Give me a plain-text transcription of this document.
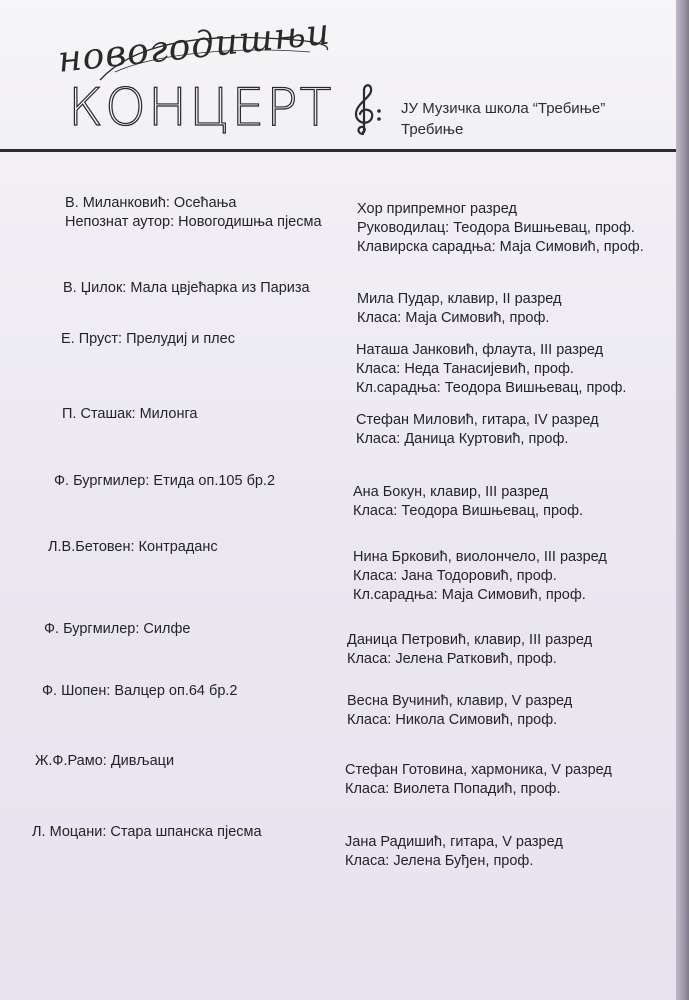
новогодишњи
КОНЦЕРТ	ЈУ Музичка школа “Требиње”
Требиње
В. Миланковић: Осећања
Непознат аутор: Новогодишња пјесма
Хор припремног разред
Руководилац: Теодора Вишњевац, проф.
Клавирска сарадња: Маја Симовић, проф.
В. Џилок: Мала цвјећарка из Париза
Мила Пудар, клавир, II разред
Класа: Маја Симовић, проф.
Е. Пруст: Прелудиј и плес
Наташа Јанковић, флаута, III разред
Класа: Неда Танасијевић, проф.
Кл.сарадња: Теодора Вишњевац, проф.
П. Сташак: Милонга	Стефан Миловић, гитара, IV разред
Класа: Даница Куртовић, проф.
Ф. Бургмилер: Етида оп.105 бр.2
Ана Бокун, клавир, III разред
Класа: Теодора Вишњевац, проф.
Л.В.Бетовен: Контраданс
Нина Брковић, виолончело, III разред
Класа: Јана Тодоровић, проф.
Кл.сарадња: Маја Симовић, проф.
Ф. Бургмилер: Силфе
Даница Петровић, клавир, III разред
Класа: Јелена Ратковић, проф.
Ф. Шопен: Валцер оп.64 бр.2
Весна Вучинић, клавир, V разред
Класа: Никола Симовић, проф.
Ж.Ф.Рамо: Дивљаци
Стефан Готовина, хармоника, V разред
Класа: Виолета Попадић, проф.
Л. Моцани: Стара шпанска пјесма
Јана Радишић, гитара, V разред
Класа: Јелена Буђен, проф.
